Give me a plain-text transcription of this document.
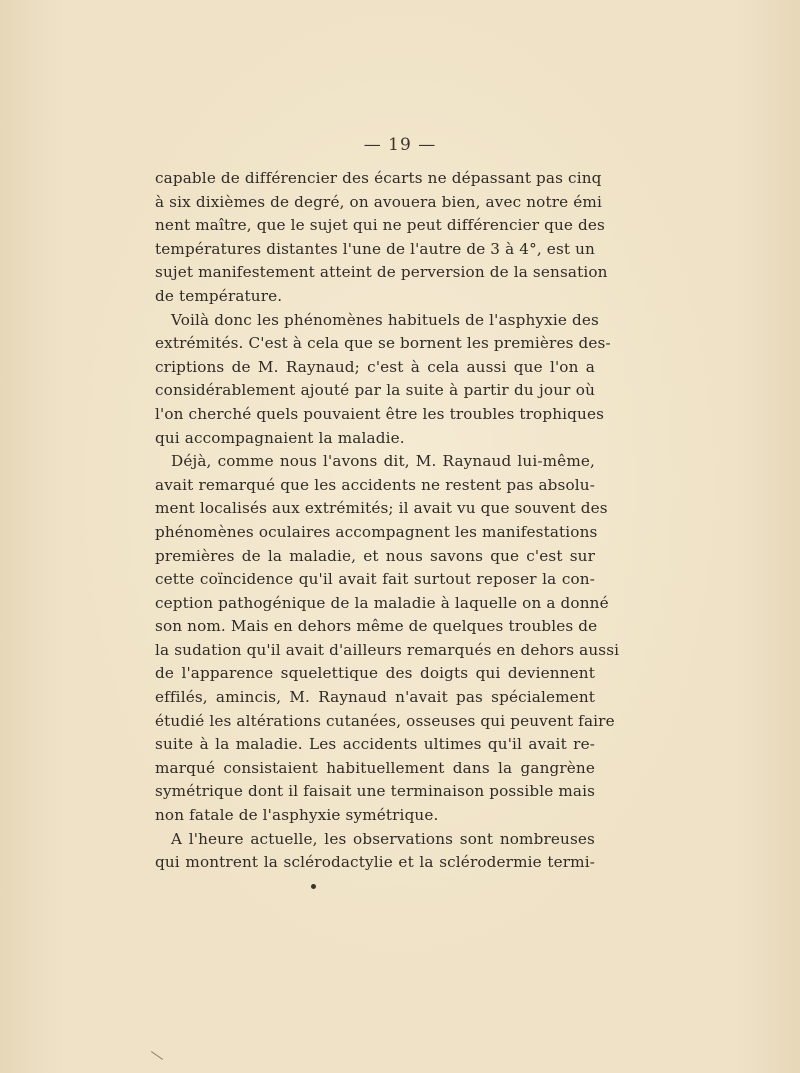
— 19 —
capable de différencier des écarts ne dépassant pas cinq
à six dixièmes de degré, on avouera bien, avec notre émi
nent maître, que le sujet qui ne peut différencier que des
températures distantes l'une de l'autre de 3 à 4°, est un
sujet manifestement atteint de perversion de la sensation
de température.
Voilà donc les phénomènes habituels de l'asphyxie des
extrémités. C'est à cela que se bornent les premières des-
criptions de M. Raynaud; c'est à cela aussi que l'on a
considérablement ajouté par la suite à partir du jour où
l'on cherché quels pouvaient être les troubles trophiques
qui accompagnaient la maladie.
Déjà, comme nous l'avons dit, M. Raynaud lui-même,
avait remarqué que les accidents ne restent pas absolu-
ment localisés aux extrémités; il avait vu que souvent des
phénomènes oculaires accompagnent les manifestations
premières de la maladie, et nous savons que c'est sur
cette coïncidence qu'il avait fait surtout reposer la con-
ception pathogénique de la maladie à laquelle on a donné
son nom. Mais en dehors même de quelques troubles de
la sudation qu'il avait d'ailleurs remarqués en dehors aussi
de l'apparence squelettique des doigts qui deviennent
effilés, amincis, M. Raynaud n'avait pas spécialement
étudié les altérations cutanées, osseuses qui peuvent faire
suite à la maladie. Les accidents ultimes qu'il avait re-
marqué consistaient habituellement dans la gangrène
symétrique dont il faisait une terminaison possible mais
non fatale de l'asphyxie symétrique.
A l'heure actuelle, les observations sont nombreuses
qui montrent la sclérodactylie et la sclérodermie termi-
